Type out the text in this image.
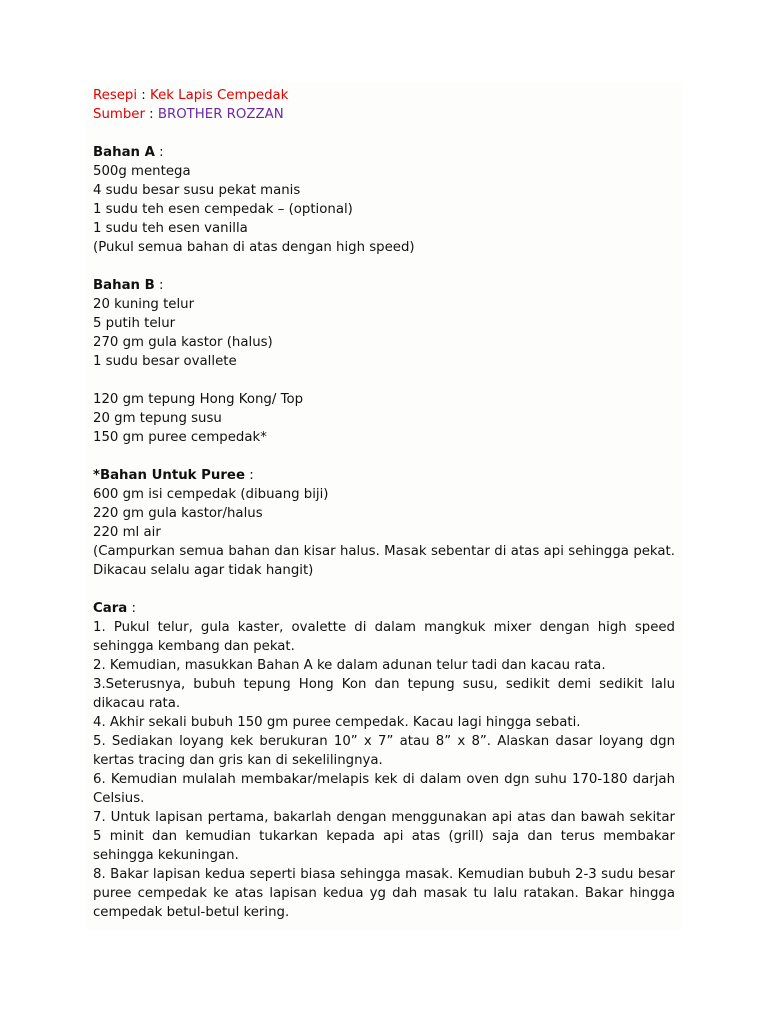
Resepi : Kek Lapis Cempedak

Sumber : BROTHER ROZZAN

Bahan A :

500g mentega

4 sudu besar susu pekat manis

1 sudu teh esen cempedak – (optional)

1 sudu teh esen vanilla

(Pukul semua bahan di atas dengan high speed)

Bahan B :

20 kuning telur

5 putih telur

270 gm gula kastor (halus)

1 sudu besar ovallete

120 gm tepung Hong Kong/ Top

20 gm tepung susu

150 gm puree cempedak*

*Bahan Untuk Puree :

600 gm isi cempedak (dibuang biji)

220 gm gula kastor/halus

220 ml air

(Campurkan semua bahan dan kisar halus. Masak sebentar di atas api sehingga pekat. Dikacau selalu agar tidak hangit)

Cara :

1. Pukul telur, gula kaster, ovalette di dalam mangkuk mixer dengan high speed sehingga kembang dan pekat.

2. Kemudian, masukkan Bahan A ke dalam adunan telur tadi dan kacau rata.

3.Seterusnya, bubuh tepung Hong Kon dan tepung susu, sedikit demi sedikit lalu dikacau rata.

4. Akhir sekali bubuh 150 gm puree cempedak. Kacau lagi hingga sebati.

5. Sediakan loyang kek berukuran 10” x 7” atau 8” x 8”. Alaskan dasar loyang dgn kertas tracing dan gris kan di sekelilingnya.

6. Kemudian mulalah membakar/melapis kek di dalam oven dgn suhu 170-180 darjah Celsius.

7. Untuk lapisan pertama, bakarlah dengan menggunakan api atas dan bawah sekitar 5 minit dan kemudian tukarkan kepada api atas (grill) saja dan terus membakar sehingga kekuningan.

8. Bakar lapisan kedua seperti biasa sehingga masak. Kemudian bubuh 2-3 sudu besar puree cempedak ke atas lapisan kedua yg dah masak tu lalu ratakan. Bakar hingga cempedak betul-betul kering.
